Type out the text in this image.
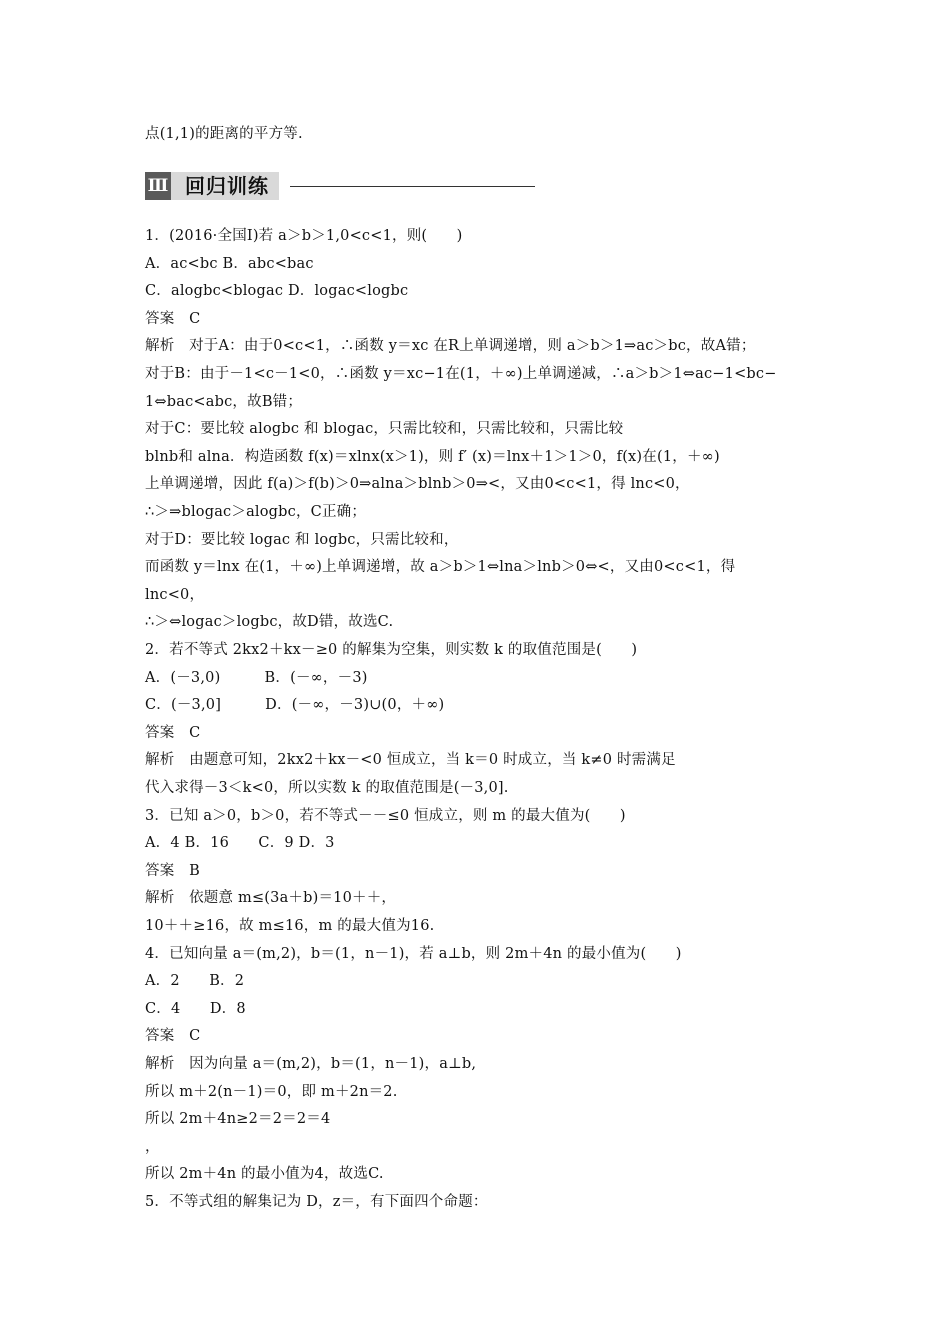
点(1,1)的距离的平方等.
Ⅲ 回归训练
1．(2016·全国Ⅰ)若 a＞b＞1,0<c<1，则(　　)
A．ac<bc B．abc<bac
C．alogbc<blogac D．logac<logbc
答案　C
解析　对于A：由于0<c<1，∴函数 y＝xc 在R上单调递增，则 a＞b＞1⇒ac＞bc，故A错；
对于B：由于－1<c－1<0，∴函数 y＝xc−1在(1，＋∞)上单调递减，∴a＞b＞1⇔ac−1<bc−
1⇔bac<abc，故B错；
对于C：要比较 alogbc 和 blogac，只需比较和，只需比较和，只需比较
blnb和 alna．构造函数 f(x)＝xlnx(x＞1)，则 f′ (x)＝lnx＋1＞1＞0，f(x)在(1，＋∞)
上单调递增，因此 f(a)＞f(b)＞0⇒alna＞blnb＞0⇒<，又由0<c<1，得 lnc<0，
∴＞⇒blogac＞alogbc，C正确；
对于D：要比较 logac 和 logbc，只需比较和，
而函数 y＝lnx 在(1，＋∞)上单调递增，故 a＞b＞1⇔lna＞lnb＞0⇔<，又由0<c<1，得
lnc<0，
∴＞⇔logac＞logbc，故D错，故选C.
2．若不等式 2kx2＋kx－≥0 的解集为空集，则实数 k 的取值范围是(　　)
A．(－3,0)　　　B．(－∞，－3)
C．(－3,0]　　　D．(－∞，－3)∪(0，＋∞)
答案　C
解析　由题意可知，2kx2＋kx－<0 恒成立，当 k＝0 时成立，当 k≠0 时需满足
代入求得－3＜k<0，所以实数 k 的取值范围是(－3,0].
3．已知 a＞0，b＞0，若不等式－－≤0 恒成立，则 m 的最大值为(　　)
A．4 B．16　　C．9 D．3
答案　B
解析　依题意 m≤(3a＋b)＝10＋＋，
10＋＋≥16，故 m≤16，m 的最大值为16.
4．已知向量 a＝(m,2)，b＝(1，n－1)，若 a⊥b，则 2m＋4n 的最小值为(　　)
A．2　　B．2
C．4　　D．8
答案　C
解析　因为向量 a＝(m,2)，b＝(1，n－1)，a⊥b,
所以 m＋2(n－1)＝0，即 m＋2n＝2.
所以 2m＋4n≥2＝2＝2＝4
，
所以 2m＋4n 的最小值为4，故选C.
5．不等式组的解集记为 D，z＝，有下面四个命题：
